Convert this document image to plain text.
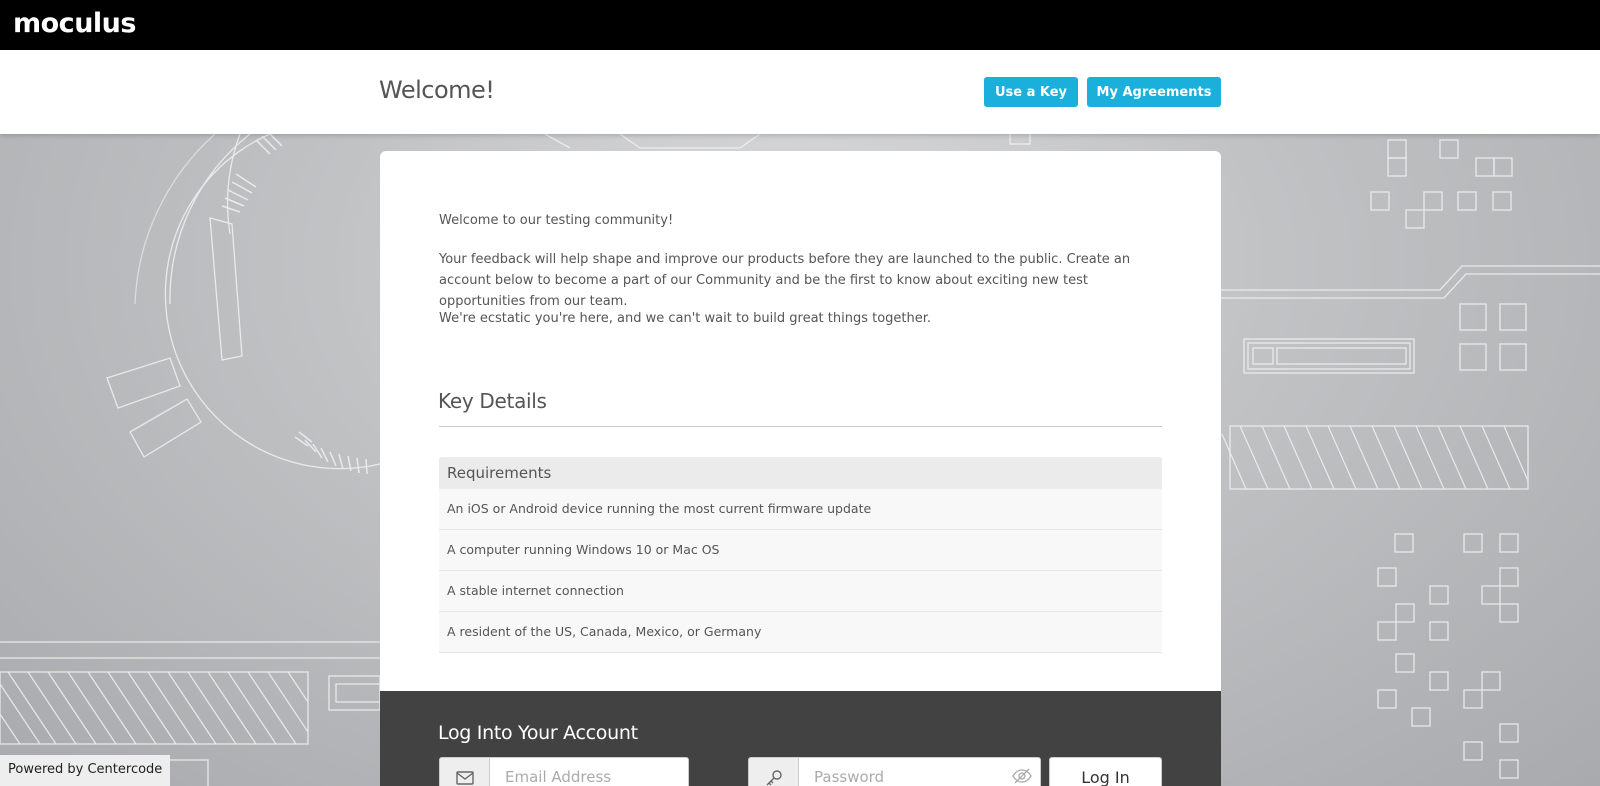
moculus
Welcome!	Use a Key	My Agreements

Welcome to our testing community!

Your feedback will help shape and improve our products before they are launched to the public. Create an account below to become a part of our Community and be the first to know about exciting new test opportunities from our team.

We're ecstatic you're here, and we can't wait to build great things together.

Key Details
Requirements
An iOS or Android device running the most current firmware update
A computer running Windows 10 or Mac OS
A stable internet connection
A resident of the US, Canada, Mexico, or Germany
Log Into Your Account
Email Address
Log In
Powered by Centercode
